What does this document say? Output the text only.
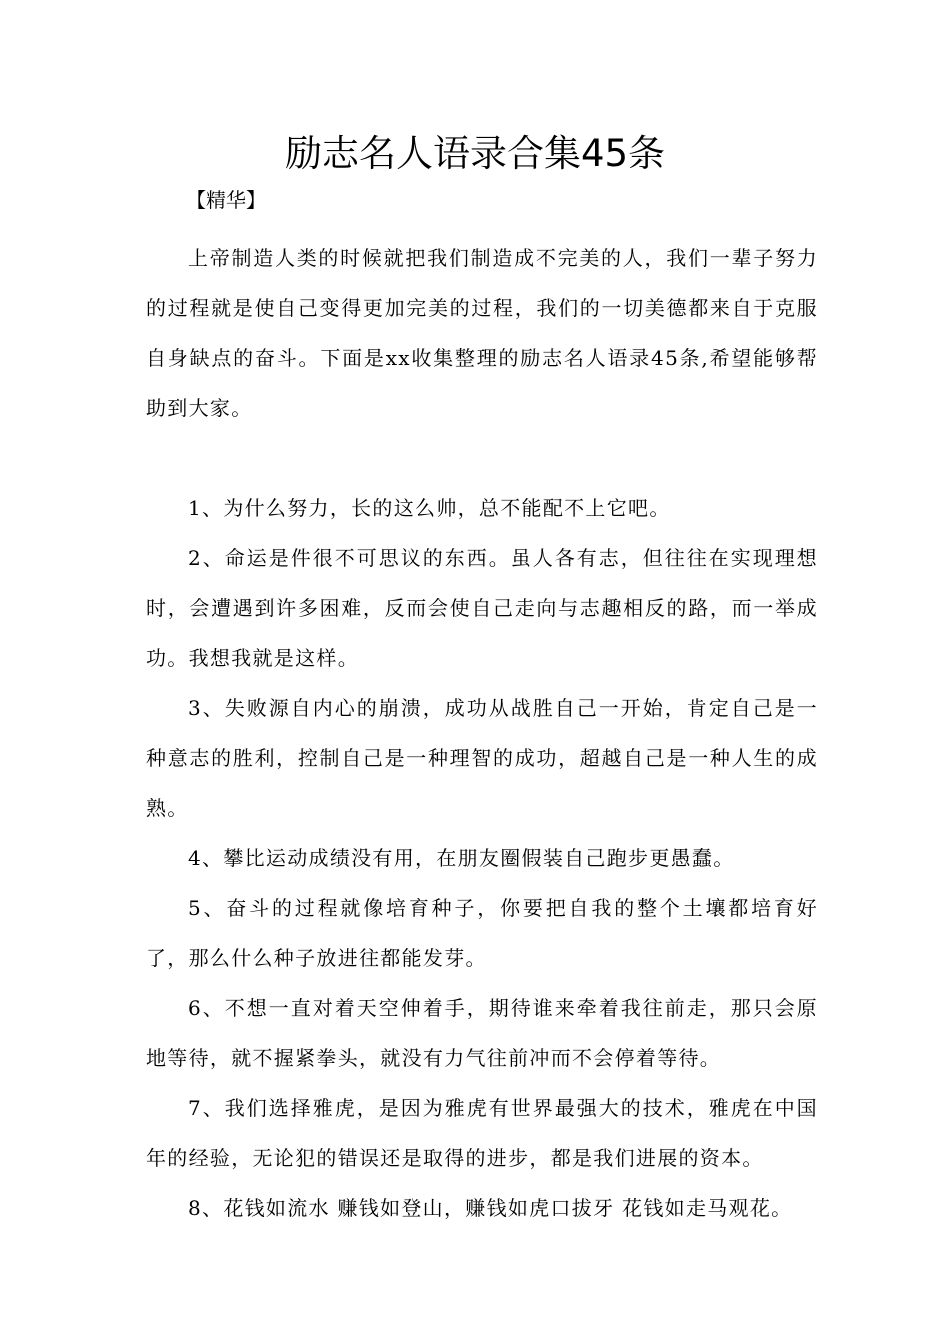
励志名人语录合集45条
【精华】

上帝制造人类的时候就把我们制造成不完美的人，我们一辈子努力的过程就是使自己变得更加完美的过程，我们的一切美德都来自于克服自身缺点的奋斗。下面是xx收集整理的励志名人语录45条,希望能够帮助到大家。

1、为什么努力，长的这么帅，总不能配不上它吧。

2、命运是件很不可思议的东西。虽人各有志，但往往在实现理想时，会遭遇到许多困难，反而会使自己走向与志趣相反的路，而一举成功。我想我就是这样。

3、失败源自内心的崩溃，成功从战胜自己一开始，肯定自己是一种意志的胜利，控制自己是一种理智的成功，超越自己是一种人生的成熟。

4、攀比运动成绩没有用，在朋友圈假装自己跑步更愚蠢。

5、奋斗的过程就像培育种子，你要把自我的整个土壤都培育好了，那么什么种子放进往都能发芽。

6、不想一直对着天空伸着手，期待谁来牵着我往前走，那只会原地等待，就不握紧拳头，就没有力气往前冲而不会停着等待。

7、我们选择雅虎，是因为雅虎有世界最强大的技术，雅虎在中国年的经验，无论犯的错误还是取得的进步，都是我们进展的资本。

8、花钱如流水 赚钱如登山，赚钱如虎口拔牙 花钱如走马观花。
